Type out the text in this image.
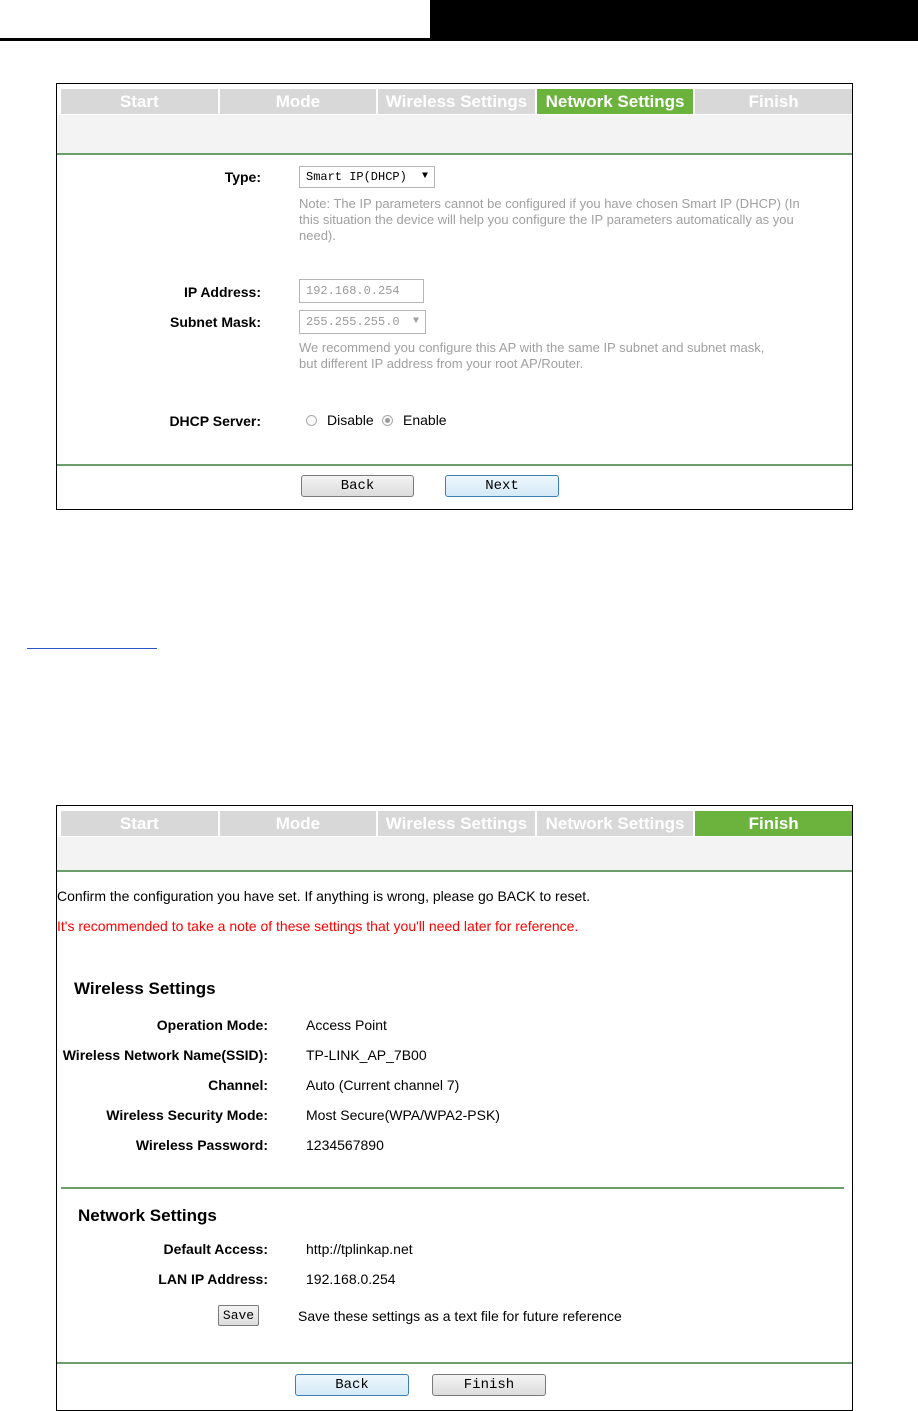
Start	Mode	Wireless Settings	Network Settings	Finish
Type:	Smart IP(DHCP) ▼
Note: The IP parameters cannot be configured if you have chosen Smart IP (DHCP) (In this situation the device will help you configure the IP parameters automatically as you need).
IP Address:	192.168.0.254
Subnet Mask:	255.255.255.0 ▼
We recommend you configure this AP with the same IP subnet and subnet mask, but different IP address from your root AP/Router.
DHCP Server:	Disable Enable
Back	Next
Start	Mode	Wireless Settings	Network Settings	Finish
Confirm the configuration you have set. If anything is wrong, please go BACK to reset.
It's recommended to take a note of these settings that you'll need later for reference.
Wireless Settings
Operation Mode:	Access Point
Wireless Network Name(SSID):	TP-LINK_AP_7B00
Channel:	Auto (Current channel 7)
Wireless Security Mode:	Most Secure(WPA/WPA2-PSK)
Wireless Password:	1234567890
Network Settings
Default Access:	http://tplinkap.net
LAN IP Address:	192.168.0.254
Save	Save these settings as a text file for future reference
Back	Finish
